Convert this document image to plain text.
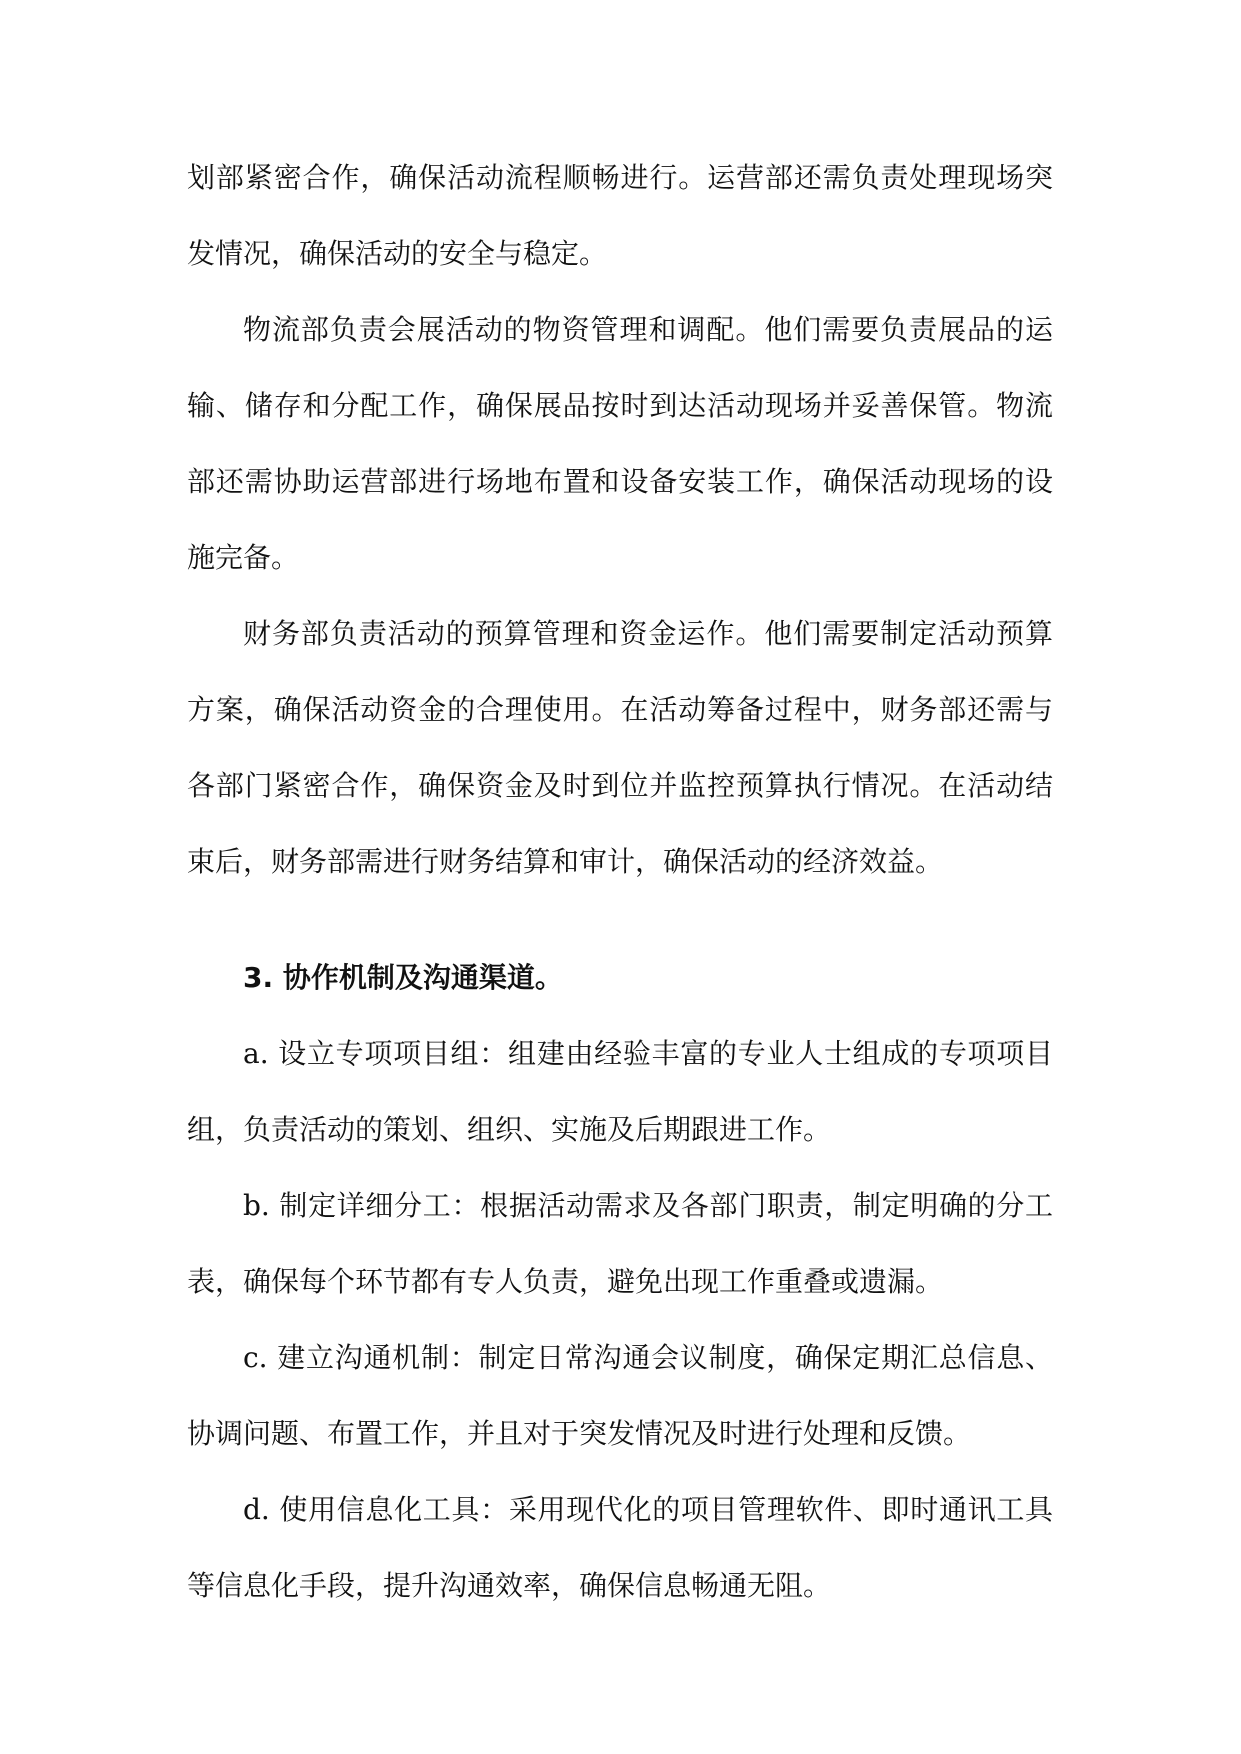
划部紧密合作，确保活动流程顺畅进行。运营部还需负责处理现场突发情况，确保活动的安全与稳定。

物流部负责会展活动的物资管理和调配。他们需要负责展品的运输、储存和分配工作，确保展品按时到达活动现场并妥善保管。物流部还需协助运营部进行场地布置和设备安装工作，确保活动现场的设施完备。

财务部负责活动的预算管理和资金运作。他们需要制定活动预算方案，确保活动资金的合理使用。在活动筹备过程中，财务部还需与各部门紧密合作，确保资金及时到位并监控预算执行情况。在活动结束后，财务部需进行财务结算和审计，确保活动的经济效益。

3. 协作机制及沟通渠道。

a. 设立专项项目组：组建由经验丰富的专业人士组成的专项项目组，负责活动的策划、组织、实施及后期跟进工作。

b. 制定详细分工：根据活动需求及各部门职责，制定明确的分工表，确保每个环节都有专人负责，避免出现工作重叠或遗漏。

c. 建立沟通机制：制定日常沟通会议制度，确保定期汇总信息、协调问题、布置工作，并且对于突发情况及时进行处理和反馈。

d. 使用信息化工具：采用现代化的项目管理软件、即时通讯工具等信息化手段，提升沟通效率，确保信息畅通无阻。
